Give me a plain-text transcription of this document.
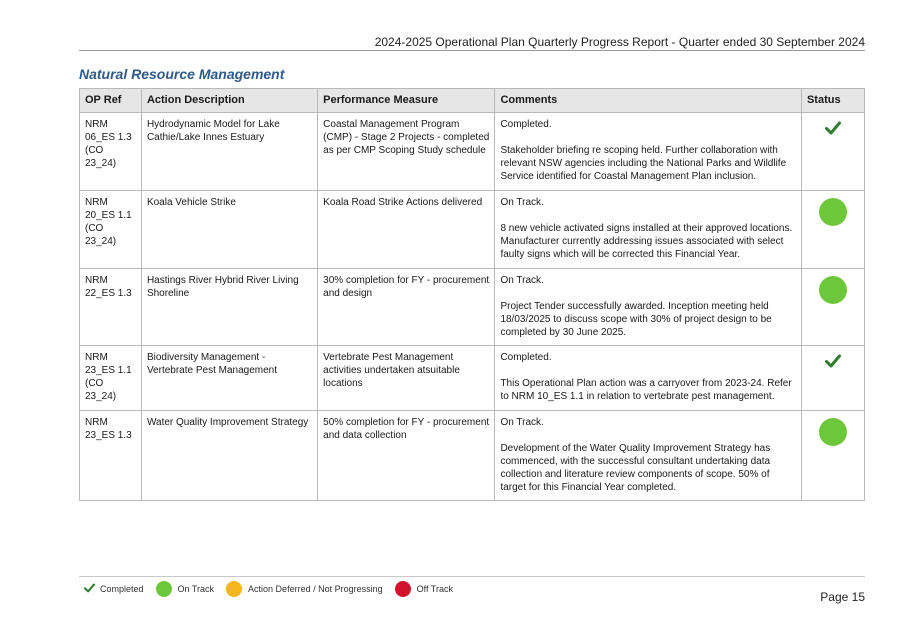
2024-2025 Operational Plan Quarterly Progress Report - Quarter ended 30 September 2024
Natural Resource Management
OP Ref	Action Description	Performance Measure	Comments	Status
NRM 06_ES 1.3 (CO 23_24)	Hydrodynamic Model for Lake Cathie/Lake Innes Estuary	Coastal Management Program (CMP) - Stage 2 Projects - completed as per CMP Scoping Study schedule	Completed.
Stakeholder briefing re scoping held. Further collaboration with relevant NSW agencies including the National Parks and Wildlife Service identified for Coastal Management Plan inclusion.

NRM 20_ES 1.1 (CO 23_24)	Koala Vehicle Strike	Koala Road Strike Actions delivered	On Track.
8 new vehicle activated signs installed at their approved locations. Manufacturer currently addressing issues associated with select faulty signs which will be corrected this Financial Year.	

NRM 22_ES 1.3	Hastings River Hybrid River Living Shoreline	30% completion for FY - procurement and design	On Track.
Project Tender successfully awarded. Inception meeting held 18/03/2025 to discuss scope with 30% of project design to be completed by 30 June 2025.	

NRM 23_ES 1.1 (CO 23_24)	Biodiversity Management - Vertebrate Pest Management	Vertebrate Pest Management activities undertaken atsuitable locations	Completed.
This Operational Plan action was a carryover from 2023-24. Refer to NRM 10_ES 1.1 in relation to vertebrate pest management.

NRM 23_ES 1.3	Water Quality Improvement Strategy	50% completion for FY - procurement and data collection	On Track.
Development of the Water Quality Improvement Strategy has commenced, with the successful consultant undertaking data collection and literature review components of scope. 50% of target for this Financial Year completed.	

Completed	On Track	Action Deferred / Not Progressing	Off Track
Page 15
